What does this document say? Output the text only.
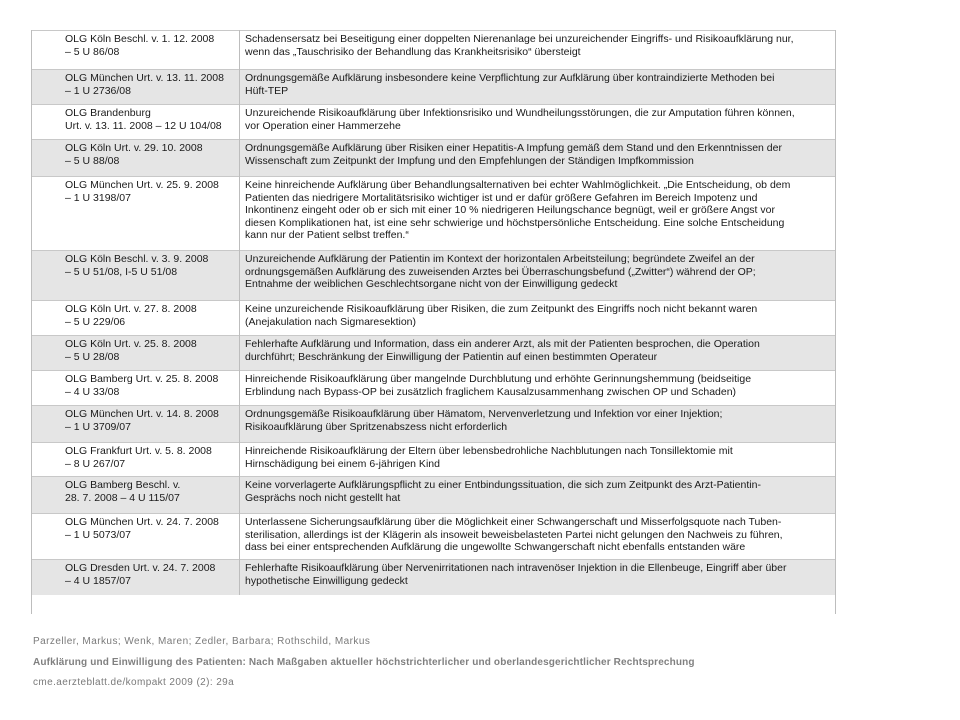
OLG Köln Beschl. v. 1. 12. 2008
– 5 U 86/08	Schadensersatz bei Beseitigung einer doppelten Nierenanlage bei unzureichender Eingriffs- und Risikoaufklärung nur,
wenn das „Tauschrisiko der Behandlung das Krankheitsrisiko“ übersteigt

OLG München Urt. v. 13. 11. 2008
– 1 U 2736/08	Ordnungsgemäße Aufklärung insbesondere keine Verpflichtung zur Aufklärung über kontraindizierte Methoden bei
Hüft-TEP

OLG Brandenburg
Urt. v. 13. 11. 2008 – 12 U 104/08	Unzureichende Risikoaufklärung über Infektionsrisiko und Wundheilungsstörungen, die zur Amputation führen können,
vor Operation einer Hammerzehe

OLG Köln Urt. v. 29. 10. 2008
– 5 U 88/08	Ordnungsgemäße Aufklärung über Risiken einer Hepatitis-A Impfung gemäß dem Stand und den Erkenntnissen der
Wissenschaft zum Zeitpunkt der Impfung und den Empfehlungen der Ständigen Impfkommission

OLG München Urt. v. 25. 9. 2008
– 1 U 3198/07	Keine hinreichende Aufklärung über Behandlungsalternativen bei echter Wahlmöglichkeit. „Die Entscheidung, ob dem
Patienten das niedrigere Mortalitätsrisiko wichtiger ist und er dafür größere Gefahren im Bereich Impotenz und
Inkontinenz eingeht oder ob er sich mit einer 10 % niedrigeren Heilungschance begnügt, weil er größere Angst vor
diesen Komplikationen hat, ist eine sehr schwierige und höchstpersönliche Entscheidung. Eine solche Entscheidung
kann nur der Patient selbst treffen.“

OLG Köln Beschl. v. 3. 9. 2008
– 5 U 51/08, I-5 U 51/08	Unzureichende Aufklärung der Patientin im Kontext der horizontalen Arbeitsteilung; begründete Zweifel an der
ordnungsgemäßen Aufklärung des zuweisenden Arztes bei Überraschungsbefund („Zwitter“) während der OP;
Entnahme der weiblichen Geschlechtsorgane nicht von der Einwilligung gedeckt

OLG Köln Urt. v. 27. 8. 2008
– 5 U 229/06	Keine unzureichende Risikoaufklärung über Risiken, die zum Zeitpunkt des Eingriffs noch nicht bekannt waren
(Anejakulation nach Sigmaresektion)

OLG Köln Urt. v. 25. 8. 2008
– 5 U 28/08	Fehlerhafte Aufklärung und Information, dass ein anderer Arzt, als mit der Patienten besprochen, die Operation
durchführt; Beschränkung der Einwilligung der Patientin auf einen bestimmten Operateur

OLG Bamberg Urt. v. 25. 8. 2008
– 4 U 33/08	Hinreichende Risikoaufklärung über mangelnde Durchblutung und erhöhte Gerinnungshemmung (beidseitige
Erblindung nach Bypass-OP bei zusätzlich fraglichem Kausalzusammenhang zwischen OP und Schaden)

OLG München Urt. v. 14. 8. 2008
– 1 U 3709/07	Ordnungsgemäße Risikoaufklärung über Hämatom, Nervenverletzung und Infektion vor einer Injektion;
Risikoaufklärung über Spritzenabszess nicht erforderlich

OLG Frankfurt Urt. v. 5. 8. 2008
– 8 U 267/07	Hinreichende Risikoaufklärung der Eltern über lebensbedrohliche Nachblutungen nach Tonsillektomie mit
Hirnschädigung bei einem 6-jährigen Kind

OLG Bamberg Beschl. v.
28. 7. 2008 – 4 U 115/07	Keine vorverlagerte Aufklärungspflicht zu einer Entbindungssituation, die sich zum Zeitpunkt des Arzt-Patientin-
Gesprächs noch nicht gestellt hat

OLG München Urt. v. 24. 7. 2008
– 1 U 5073/07	Unterlassene Sicherungsaufklärung über die Möglichkeit einer Schwangerschaft und Misserfolgsquote nach Tuben-
sterilisation, allerdings ist der Klägerin als insoweit beweisbelasteten Partei nicht gelungen den Nachweis zu führen,
dass bei einer entsprechenden Aufklärung die ungewollte Schwangerschaft nicht ebenfalls entstanden wäre

OLG Dresden Urt. v. 24. 7. 2008
– 4 U 1857/07	Fehlerhafte Risikoaufklärung über Nervenirritationen nach intravenöser Injektion in die Ellenbeuge, Eingriff aber über
hypothetische Einwilligung gedeckt
Parzeller, Markus; Wenk, Maren; Zedler, Barbara; Rothschild, Markus
Aufklärung und Einwilligung des Patienten: Nach Maßgaben aktueller höchstrichterlicher und oberlandesgerichtlicher Rechtsprechung
cme.aerzteblatt.de/kompakt 2009 (2): 29a
